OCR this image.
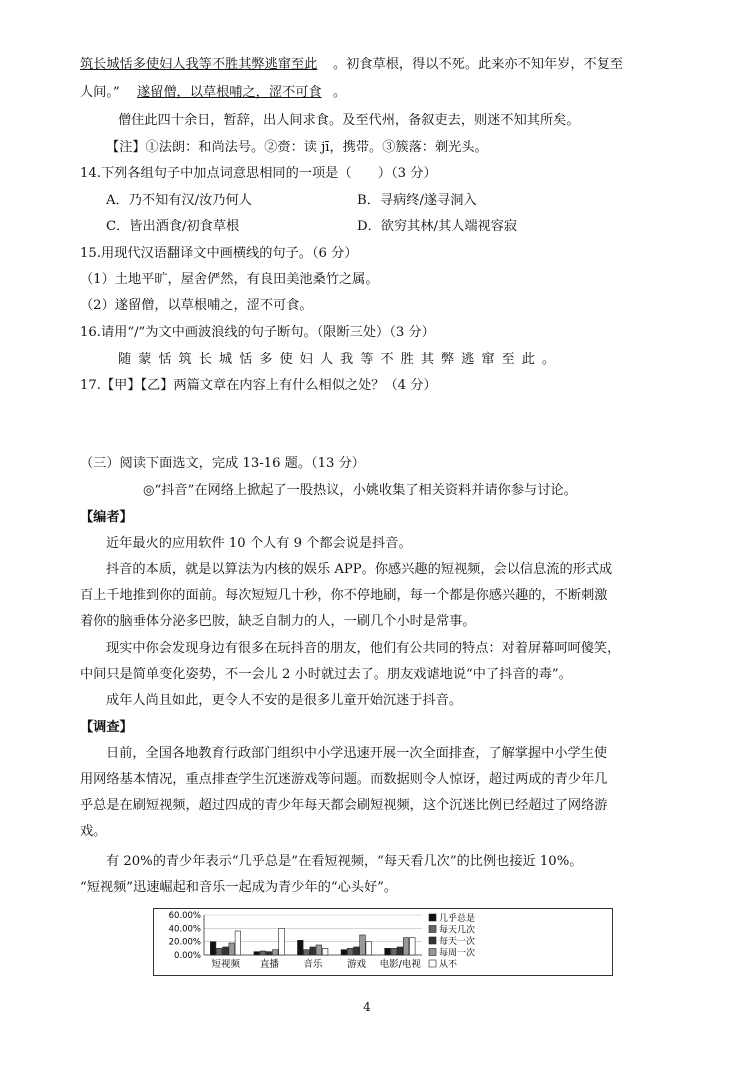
筑长城恬多使妇人我等不胜其弊逃窜至此 。初食草根，得以不死。此来亦不知年岁，不复至
人间。” 遂留僧，以草根哺之，涩不可食 。
僧住此四十余日，暂辞，出人间求食。及至代州，备叙吏去，则迷不知其所矣。
【注】①法朗：和尚法号。②赍：读 jī，携带。③簇落：剃光头。
14.下列各组句子中加点词意思相同的一项是（　　）（3 分）
A．乃不知有汉/汝乃何人	B．寻病终/遂寻洞入
C．皆出酒食/初食草根	D．欲穷其林/其人端视容寂
15.用现代汉语翻译文中画横线的句子。（6 分）
（1）土地平旷，屋舍俨然，有良田美池桑竹之属。
（2）遂留僧，以草根哺之，涩不可食。
16.请用“/”为文中画波浪线的句子断句。（限断三处）（3 分）
随蒙恬筑长城恬多使妇人我等不胜其弊逃窜至此。
17.【甲】【乙】两篇文章在内容上有什么相似之处？（4 分）
（三）阅读下面选文，完成 13-16 题。（13 分）
◎“抖音”在网络上掀起了一股热议，小姚收集了相关资料并请你参与讨论。
【编者】
近年最火的应用软件 10 个人有 9 个都会说是抖音。
抖音的本质，就是以算法为内核的娱乐 APP。你感兴趣的短视频，会以信息流的形式成
百上千地推到你的面前。每次短短几十秒，你不停地刷，每一个都是你感兴趣的，不断刺激
着你的脑垂体分泌多巴胺，缺乏自制力的人，一刷几个小时是常事。
现实中你会发现身边有很多在玩抖音的朋友，他们有公共同的特点：对着屏幕呵呵傻笑，
中间只是简单变化姿势，不一会儿 2 小时就过去了。朋友戏谑地说“中了抖音的毒”。
成年人尚且如此，更令人不安的是很多儿童开始沉迷于抖音。
【调查】
日前，全国各地教育行政部门组织中小学迅速开展一次全面排查，了解掌握中小学生使
用网络基本情况，重点排查学生沉迷游戏等问题。而数据则令人惊讶，超过两成的青少年几
乎总是在刷短视频，超过四成的青少年每天都会刷短视频，这个沉迷比例已经超过了网络游
戏。
有 20%的青少年表示“几乎总是”在看短视频，“每天看几次”的比例也接近 10%。
“短视频”迅速崛起和音乐一起成为青少年的“心头好”。
60.00%
40.00%
20.00%
0.00%
短视频 直播	音乐	游戏 电影/电视
几乎总是
每天几次
每天一次
每周一次
从不
4
